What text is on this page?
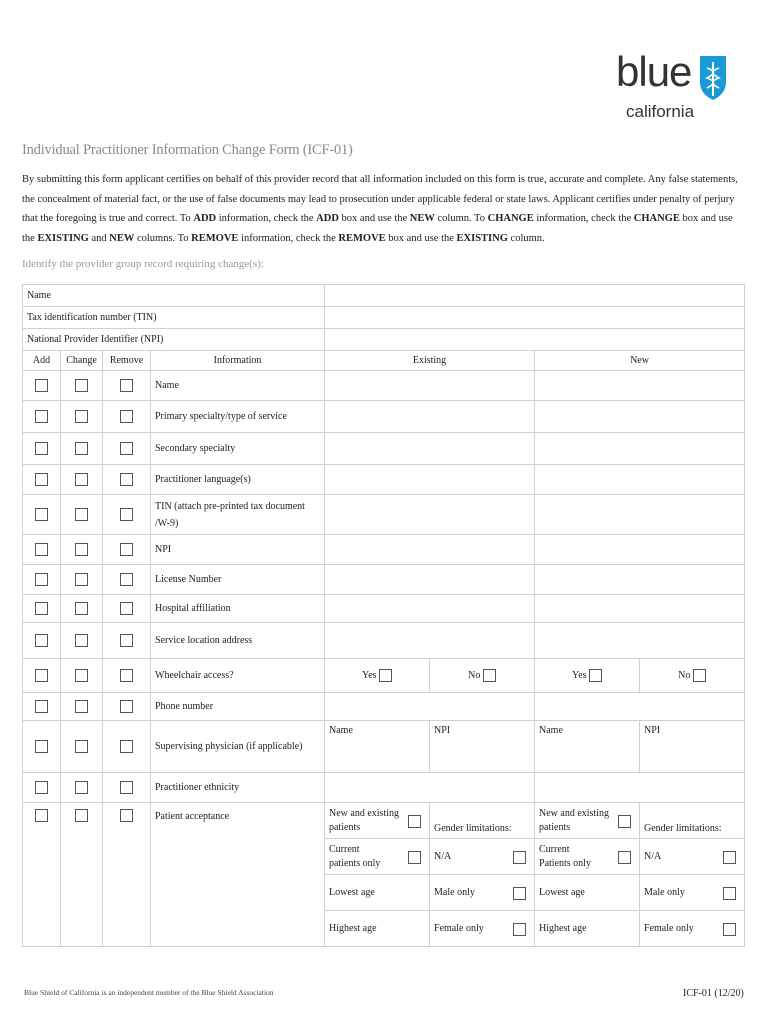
blue
california
Individual Practitioner Information Change Form (ICF-01)
By submitting this form applicant certifies on behalf of this provider record that all information included on this form is true, accurate and complete. Any false statements, the concealment of material fact, or the use of false documents may lead to prosecution under applicable federal or state laws. Applicant certifies under penalty of perjury that the foregoing is true and correct. To ADD information, check the ADD box and use the NEW column. To CHANGE information, check the CHANGE box and use the EXISTING and NEW columns. To REMOVE information, check the REMOVE box and use the EXISTING column.
Identify the provider group record requiring change(s):
Name							
Tax identification number (TIN)							
National Provider Identifier (NPI)							
Add	Change	Remove	Information	Existing		New	
			Name				
			Primary specialty/type of service				
			Secondary specialty				
			Practitioner language(s)				
			TIN (attach pre-printed tax document /W-9)				
			NPI				
			License Number				
			Hospital affiliation				
			Service location address				
			Wheelchair access?	Yes	No	Yes	No
			Phone number				
			Supervising physician (if applicable)	Name	NPI	Name	NPI
			Practitioner ethnicity				
			Patient acceptance	New and existing patients	Gender limitations:	New and existing patients	Gender limitations:
				Current patients only	N/A	Current Patients only	N/A

				Lowest age	Male only	Lowest age	Male only

				Highest age	Female only	Highest age	Female only
Blue Shield of California is an independent member of the Blue Shield Association	ICF-01 (12/20)
